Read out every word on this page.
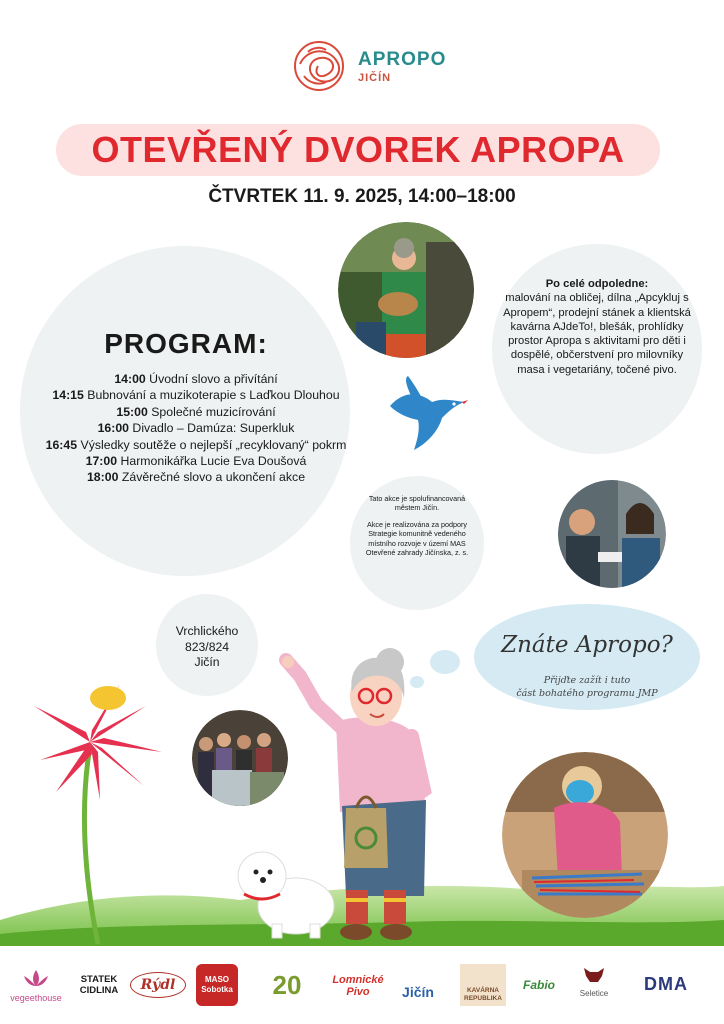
APROPO
JIČÍN
OTEVŘENÝ DVOREK APROPA
ČTVRTEK 11. 9. 2025, 14:00–18:00
PROGRAM:
14:00 Úvodní slovo a přivítání
14:15 Bubnování a muzikoterapie s Laďkou Dlouhou
15:00 Společné muzicírování
16:00 Divadlo – Damúza: Superkluk
16:45 Výsledky soutěže o nejlepší „recyklovaný“ pokrm
17:00 Harmonikářka Lucie Eva Doušová
18:00 Závěrečné slovo a ukončení akce
Po celé odpoledne:
malování na obličej, dílna „Apcykluj s Apropem“, prodejní stánek a klientská kavárna AJdeTo!, blešák, prohlídky prostor Apropa s aktivitami pro děti i dospělé, občerstvení pro milovníky masa i vegetariány, točené pivo.
Tato akce je spolufinancovaná městem Jičín.
Akce je realizována za podpory Strategie komunitně vedeného místního rozvoje v území MAS Otevřené zahrady Jičínska, z. s.
Vrchlického
823/824
Jičín
Znáte Apropo?
Přijďte zažít i tuto
část bohatého programu JMP
vegeethouse
STATEK CIDLINA	Rýdl	MASO Sobotka	20	Lomnické Pivo	Jičín	KAVÁRNA REPUBLIKA
Fabio
Seletice	DMA
